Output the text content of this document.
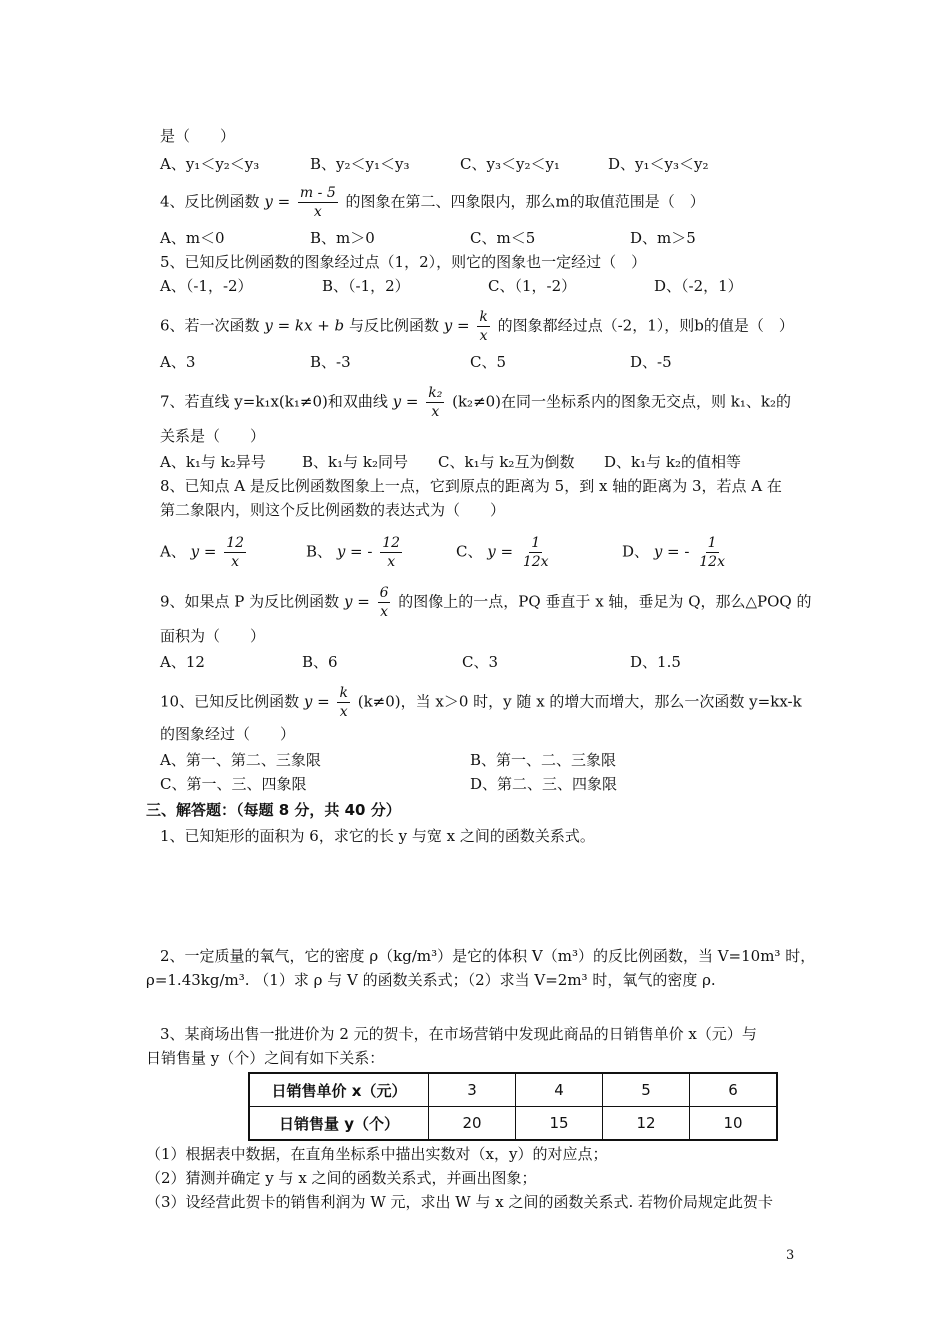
是（　　）
A、y₁＜y₂＜y₃	B、y₂＜y₁＜y₃	C、y₃＜y₂＜y₁	D、y₁＜y₃＜y₂
4、反比例函数 $y = \frac{m - 5}{x}$ 的图象在第二、四象限内，那么m的取值范围是（　）
A、m＜0	B、m＞0	C、m＜5	D、m＞5
5、已知反比例函数的图象经过点（1，2），则它的图象也一定经过（　）
A、（-1，-2）	B、（-1，2）	C、（1，-2）	D、（-2，1）
6、若一次函数 y = kx + b 与反比例函数 $y = \frac{k}{x}$ 的图象都经过点（-2，1），则b的值是（　）
A、3	B、-3	C、5	D、-5
7、若直线 y=k₁x(k₁≠0)和双曲线 $y = \frac{\text{k₂}}{x} (k_2\ne 0)$在同一坐标系内的图象无交点，则 k₁、k₂的
关系是（　　）
A、k₁与 k₂异号 B、k₁与 k₂同号 C、k₁与 k₂互为倒数 D、k₁与 k₂的值相等
8、已知点 A 是反比例函数图象上一点，它到原点的距离为 5，到 x 轴的距离为 3，若点 A 在
第二象限内，则这个反比例函数的表达式为（　　）
A、 $y = \frac{12}{x}$	B、 y = - $\frac{12}{x}$	C、 $y = \frac{1}{12x}$	D、 y = - $\frac{1}{12x}$
9、如果点 P 为反比例函数 $y = \frac{6}{x}$ 的图像上的一点，PQ 垂直于 x 轴，垂足为 Q，那么△POQ 的
面积为（　　）
A、12	B、6	C、3	D、1.5
10、已知反比例函数 $y = \frac{k}{x} (k\ne 0)$，当 x＞0 时，y 随 x 的增大而增大，那么一次函数 y=kx-k
的图象经过（　　）
A、第一、第二、三象限	B、第一、二、三象限
C、第一、三、四象限	D、第二、三、四象限
三、解答题：（每题 8 分，共 40 分）
1、已知矩形的面积为 6，求它的长 y 与宽 x 之间的函数关系式。
2、一定质量的氧气，它的密度 ρ（kg/m³）是它的体积 V（m³）的反比例函数，当 V=10m³ 时，
ρ=1.43kg/m³. （1）求 ρ 与 V 的函数关系式；（2）求当 V=2m³ 时，氧气的密度 ρ.
3、某商场出售一批进价为 2 元的贺卡，在市场营销中发现此商品的日销售单价 x（元）与
日销售量 y（个）之间有如下关系：
日销售单价 x（元）	3	4	5	6
日销售量 y（个）	20	15	12	10
（1）根据表中数据，在直角坐标系中描出实数对（x，y）的对应点；
（2）猜测并确定 y 与 x 之间的函数关系式，并画出图象；
（3）设经营此贺卡的销售利润为 W 元，求出 W 与 x 之间的函数关系式. 若物价局规定此贺卡
3
